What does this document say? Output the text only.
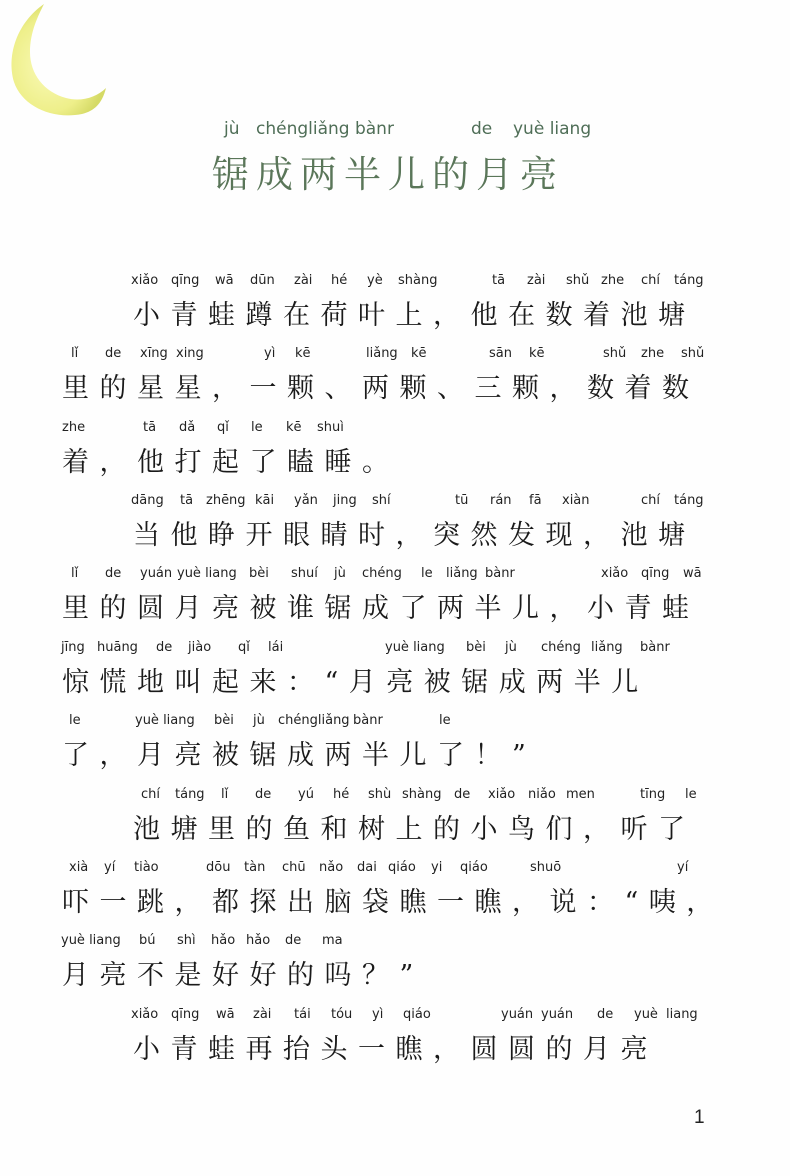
jù chéngliǎng bànr	de yuè liang
锯成两半儿的月亮
xiǎo qīng wā dūn zài hé yè shàng	tā zài shǔ zhe chí táng
小青蛙蹲在荷叶上，他在数着池塘
lǐ de xīng xing	yì kē	liǎng kē	sān kē	shǔ zhe shǔ
里的星星，一颗、两颗、三颗，数着数
zhe	tā dǎ qǐ le kē shuì
着，他打起了瞌睡。
dāng tā zhēng kāi yǎn jing shí	tū rán fā xiàn	chí táng
当他睁开眼睛时，突然发现，池塘
lǐ de yuán yuè liang bèi shuí jù chéng le liǎng bànr	xiǎo qīng wā
里的圆月亮被谁锯成了两半儿，小青蛙
jīng huāng de jiào qǐ lái	yuè liang bèi jù chéng liǎng bànr
惊慌地叫起来：“月亮被锯成两半儿
le	yuè liang bèi jù chéngliǎng bànr	le
了，月亮被锯成两半儿了！”
chí táng lǐ de yú hé shù shàng de xiǎo niǎo men	tīng le
池塘里的鱼和树上的小鸟们，听了
xià yí tiào	dōu tàn chū nǎo dai qiáo yi qiáo	shuō	yí
吓一跳，都探出脑袋瞧一瞧，说：“咦，
yuè liang bú shì hǎo hǎo de ma
月亮不是好好的吗？”
xiǎo qīng wā zài tái tóu yì qiáo	yuán yuán de yuè liang
小青蛙再抬头一瞧，圆圆的月亮
1
